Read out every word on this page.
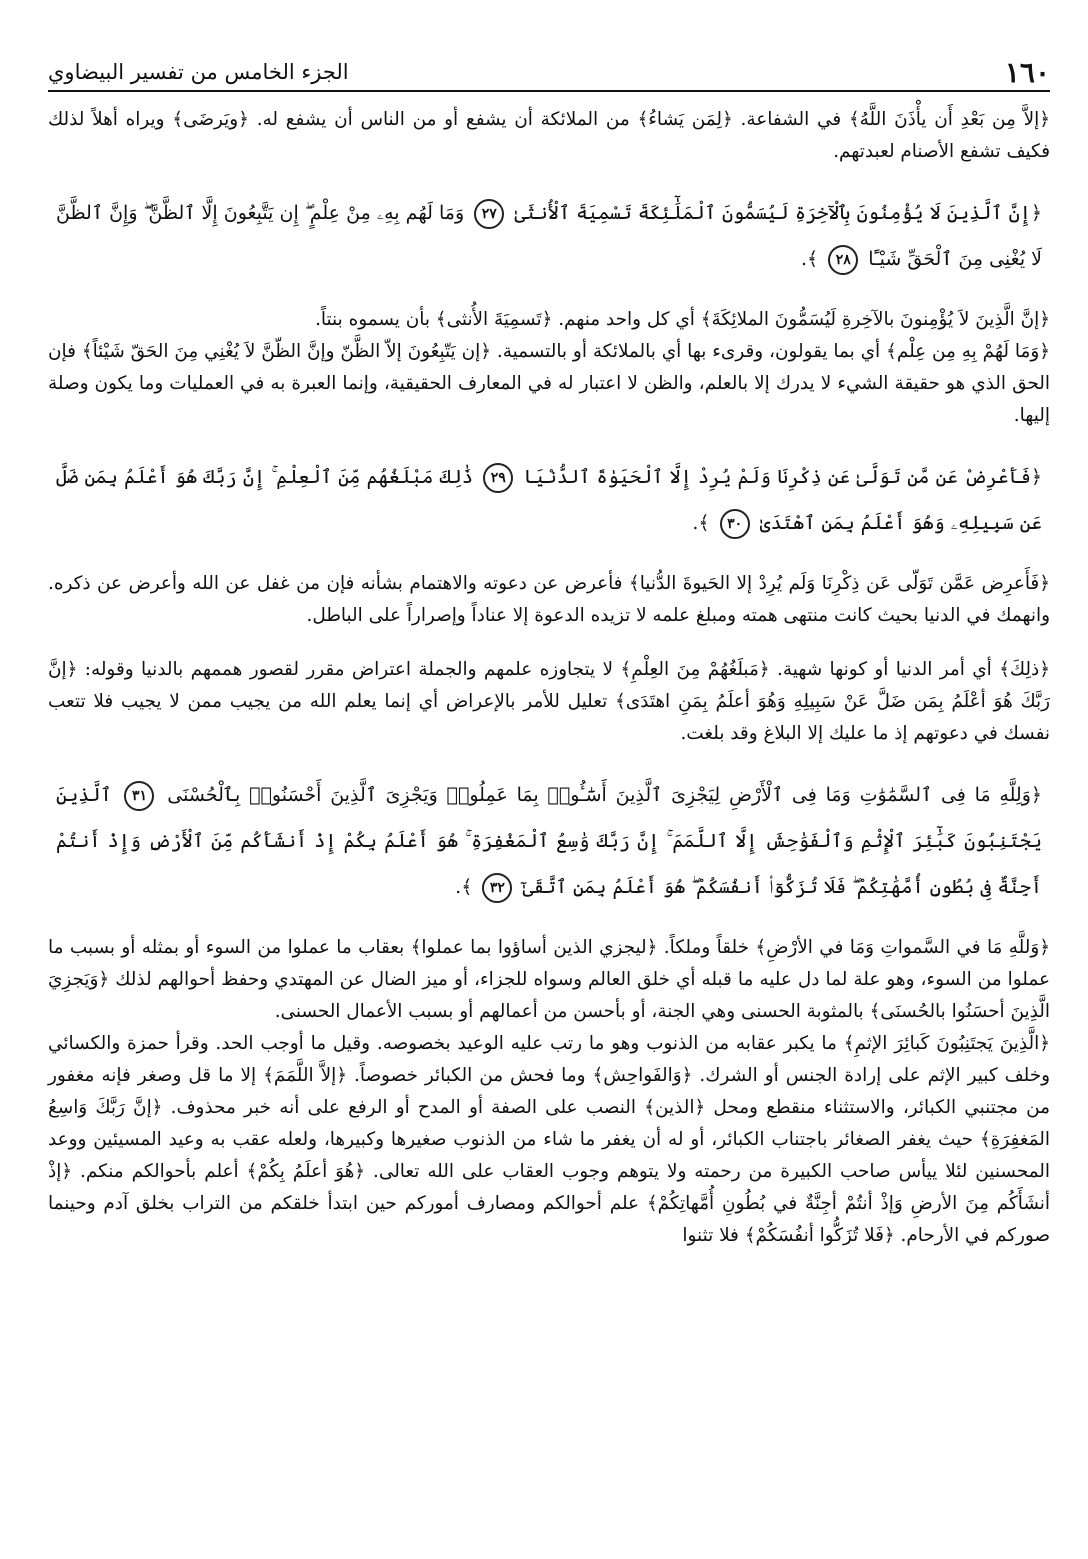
١٦٠
الجزء الخامس من تفسير البيضاوي

﴿إلاَّ مِن بَعْدِ أَن يأْذَنَ اللَّهُ﴾ في الشفاعة. ﴿لِمَن يَشاءُ﴾ من الملائكة أن يشفع أو من الناس أن يشفع له. ﴿ويَرضَى﴾ ويراه أهلاً لذلك فكيف تشفع الأصنام لعبدتهم.

﴿إِنَّ ٱلَّذِينَ لَا يُؤْمِنُونَ بِٱلْآخِرَةِ لَيُسَمُّونَ ٱلْمَلَٰٓئِكَةَ تَسْمِيَةَ ٱلْأُنثَىٰ ٢٧ وَمَا لَهُم بِهِۦ مِنْ عِلْمٍ ۖ إِن يَتَّبِعُونَ إِلَّا ٱلظَّنَّ ۖ وَإِنَّ ٱلظَّنَّ لَا يُغْنِى مِنَ ٱلْحَقِّ شَيْـًٔا ٢٨ ﴾.

﴿إنَّ الَّذِينَ لاَ يُؤْمِنونَ بالآخِرةِ لَيُسَمُّونَ الملائِكَةَ﴾ أي كل واحد منهم. ﴿تَسمِيَةَ الأُنثى﴾ بأن يسموه بنتاً.

﴿وَمَا لَهُمْ بِهِ مِن عِلْم﴾ أي بما يقولون، وقرىء بها أي بالملائكة أو بالتسمية. ﴿إن يَتّبِعُونَ إلاّ الظَّنّ وإنَّ الظّنَّ لاَ يُغْنِي مِنَ الحَقّ شَيْئاً﴾ فإن الحق الذي هو حقيقة الشيء لا يدرك إلا بالعلم، والظن لا اعتبار له في المعارف الحقيقية، وإنما العبرة به في العمليات وما يكون وصلة إليها.

﴿فَأَعْرِضْ عَن مَّن تَوَلَّىٰ عَن ذِكْرِنَا وَلَمْ يُرِدْ إِلَّا ٱلْحَيَوٰةَ ٱلدُّنْيَا ٢٩ ذَٰلِكَ مَبْلَغُهُم مِّنَ ٱلْعِلْمِ ۚ إِنَّ رَبَّكَ هُوَ أَعْلَمُ بِمَن ضَلَّ عَن سَبِيلِهِۦ وَهُوَ أَعْلَمُ بِمَنِ ٱهْتَدَىٰ ٣٠ ﴾.

﴿فَأَعرِض عَمَّن تَوَلّى عَن ذِكْرِنَا وَلَم يُرِدْ إلا الحَيوةَ الدُّنيا﴾ فأعرض عن دعوته والاهتمام بشأنه فإن من غفل عن الله وأعرض عن ذكره. وانهمك في الدنيا بحيث كانت منتهى همته ومبلغ علمه لا تزيده الدعوة إلا عناداً وإصراراً على الباطل.

﴿ذلِكَ﴾ أي أمر الدنيا أو كونها شهية. ﴿مَبلَغُهُمْ مِنَ العِلْمِ﴾ لا يتجاوزه علمهم والجملة اعتراض مقرر لقصور هممهم بالدنيا وقوله: ﴿إنَّ رَبَّكَ هُوَ أعْلَمُ بِمَن ضَلَّ عَنْ سَبِيلِهِ وَهُوَ أعلَمُ بِمَنِ اهتَدَى﴾ تعليل للأمر بالإعراض أي إنما يعلم الله من يجيب ممن لا يجيب فلا تتعب نفسك في دعوتهم إذ ما عليك إلا البلاغ وقد بلغت.

﴿وَلِلَّهِ مَا فِى ٱلسَّمَٰوَٰتِ وَمَا فِى ٱلْأَرْضِ لِيَجْزِىَ ٱلَّذِينَ أَسَٰٓـُٔوا۟ بِمَا عَمِلُوا۟ وَيَجْزِىَ ٱلَّذِينَ أَحْسَنُوا۟ بِٱلْحُسْنَى ٣١ ٱلَّذِينَ يَجْتَنِبُونَ كَبَٰٓئِرَ ٱلْإِثْمِ وَٱلْفَوَٰحِشَ إِلَّا ٱللَّمَمَ ۚ إِنَّ رَبَّكَ وَٰسِعُ ٱلْمَغْفِرَةِ ۚ هُوَ أَعْلَمُ بِكُمْ إِذْ أَنشَأَكُم مِّنَ ٱلْأَرْضِ وَإِذْ أَنتُمْ أَجِنَّةٌ فِى بُطُونِ أُمَّهَٰتِكُمْ ۖ فَلَا تُزَكُّوٓا۟ أَنفُسَكُمْ ۖ هُوَ أَعْلَمُ بِمَنِ ٱتَّقَىٰٓ ٣٢ ﴾.

﴿وَللَّهِ مَا في السَّمواتِ وَمَا في الأرْضِ﴾ خلقاً وملكاً. ﴿ليجزي الذين أساؤوا بما عملوا﴾ بعقاب ما عملوا من السوء أو بمثله أو بسبب ما عملوا من السوء، وهو علة لما دل عليه ما قبله أي خلق العالم وسواه للجزاء، أو ميز الضال عن المهتدي وحفظ أحوالهم لذلك ﴿وَيَجزِيَ الَّذِينَ أحسَنُوا بالحُسنَى﴾ بالمثوبة الحسنى وهي الجنة، أو بأحسن من أعمالهم أو بسبب الأعمال الحسنى.

﴿الَّذِينَ يَجتَنِبُونَ كَبائِرَ الإثمِ﴾ ما يكبر عقابه من الذنوب وهو ما رتب عليه الوعيد بخصوصه. وقيل ما أوجب الحد. وقرأ حمزة والكسائي وخلف كبير الإثم على إرادة الجنس أو الشرك. ﴿وَالفَواحِش﴾ وما فحش من الكبائر خصوصاً. ﴿إلاَّ اللَّمَمَ﴾ إلا ما قل وصغر فإنه مغفور من مجتنبي الكبائر، والاستثناء منقطع ومحل ﴿الذين﴾ النصب على الصفة أو المدح أو الرفع على أنه خبر محذوف. ﴿إنَّ رَبَّكَ وَاسِعُ المَغفِرَةِ﴾ حيث يغفر الصغائر باجتناب الكبائر، أو له أن يغفر ما شاء من الذنوب صغيرها وكبيرها، ولعله عقب به وعيد المسيئين ووعد المحسنين لئلا ييأس صاحب الكبيرة من رحمته ولا يتوهم وجوب العقاب على الله تعالى. ﴿هُوَ أعلَمُ بِكُمْ﴾ أعلم بأحوالكم منكم. ﴿إذْ أنشَأَكُم مِنَ الأرضِ وَإذْ أنتُمْ أجِنَّةٌ في بُطُونِ أُمَّهاتِكُمْ﴾ علم أحوالكم ومصارف أموركم حين ابتدأ خلقكم من التراب بخلق آدم وحينما صوركم في الأرحام. ﴿فَلا تُزَكُّوا أنفُسَكُمْ﴾ فلا تثنوا
